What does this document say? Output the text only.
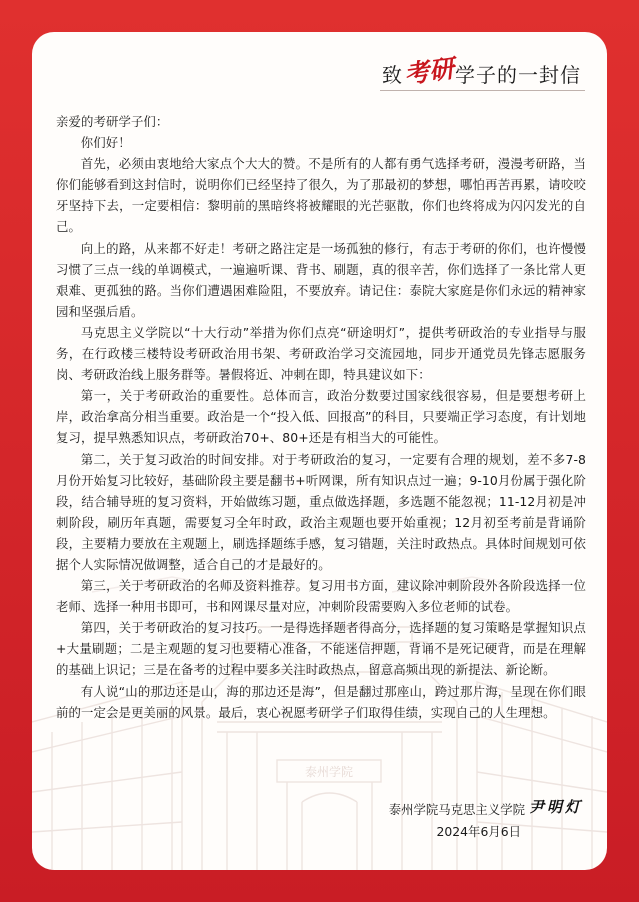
泰州学院
致 考研 学子的一封信

亲爱的考研学子们：

你们好！

首先，必须由衷地给大家点个大大的赞。不是所有的人都有勇气选择考研，漫漫考研路，当你们能够看到这封信时，说明你们已经坚持了很久，为了那最初的梦想，哪怕再苦再累，请咬咬牙坚持下去，一定要相信：黎明前的黑暗终将被耀眼的光芒驱散，你们也终将成为闪闪发光的自己。

向上的路，从来都不好走！考研之路注定是一场孤独的修行，有志于考研的你们，也许慢慢习惯了三点一线的单调模式，一遍遍听课、背书、刷题，真的很辛苦，你们选择了一条比常人更艰难、更孤独的路。当你们遭遇困难险阻，不要放弃。请记住：泰院大家庭是你们永远的精神家园和坚强后盾。

马克思主义学院以“十大行动”举措为你们点亮“研途明灯”，提供考研政治的专业指导与服务，在行政楼三楼特设考研政治用书架、考研政治学习交流园地，同步开通党员先锋志愿服务岗、考研政治线上服务群等。暑假将近、冲刺在即，特具建议如下：

第一，关于考研政治的重要性。总体而言，政治分数要过国家线很容易，但是要想考研上岸，政治拿高分相当重要。政治是一个“投入低、回报高”的科目，只要端正学习态度，有计划地复习，提早熟悉知识点，考研政治70+、80+还是有相当大的可能性。

第二，关于复习政治的时间安排。对于考研政治的复习，一定要有合理的规划，差不多7-8月份开始复习比较好，基础阶段主要是翻书+听网课，所有知识点过一遍；9-10月份属于强化阶段，结合辅导班的复习资料，开始做练习题，重点做选择题，多选题不能忽视；11-12月初是冲刺阶段，刷历年真题，需要复习全年时政，政治主观题也要开始重视；12月初至考前是背诵阶段，主要精力要放在主观题上，刷选择题练手感，复习错题，关注时政热点。具体时间规划可依据个人实际情况做调整，适合自己的才是最好的。

第三，关于考研政治的名师及资料推荐。复习用书方面，建议除冲刺阶段外各阶段选择一位老师、选择一种用书即可，书和网课尽量对应，冲刺阶段需要购入多位老师的试卷。

第四，关于考研政治的复习技巧。一是得选择题者得高分，选择题的复习策略是掌握知识点+大量刷题；二是主观题的复习也要精心准备，不能迷信押题，背诵不是死记硬背，而是在理解的基础上识记；三是在备考的过程中要多关注时政热点，留意高频出现的新提法、新论断。

有人说“山的那边还是山，海的那边还是海”，但是翻过那座山，跨过那片海，呈现在你们眼前的一定会是更美丽的风景。最后，衷心祝愿考研学子们取得佳绩，实现自己的人生理想。

泰州学院马克思主义学院 尹明灯
2024年6月6日
